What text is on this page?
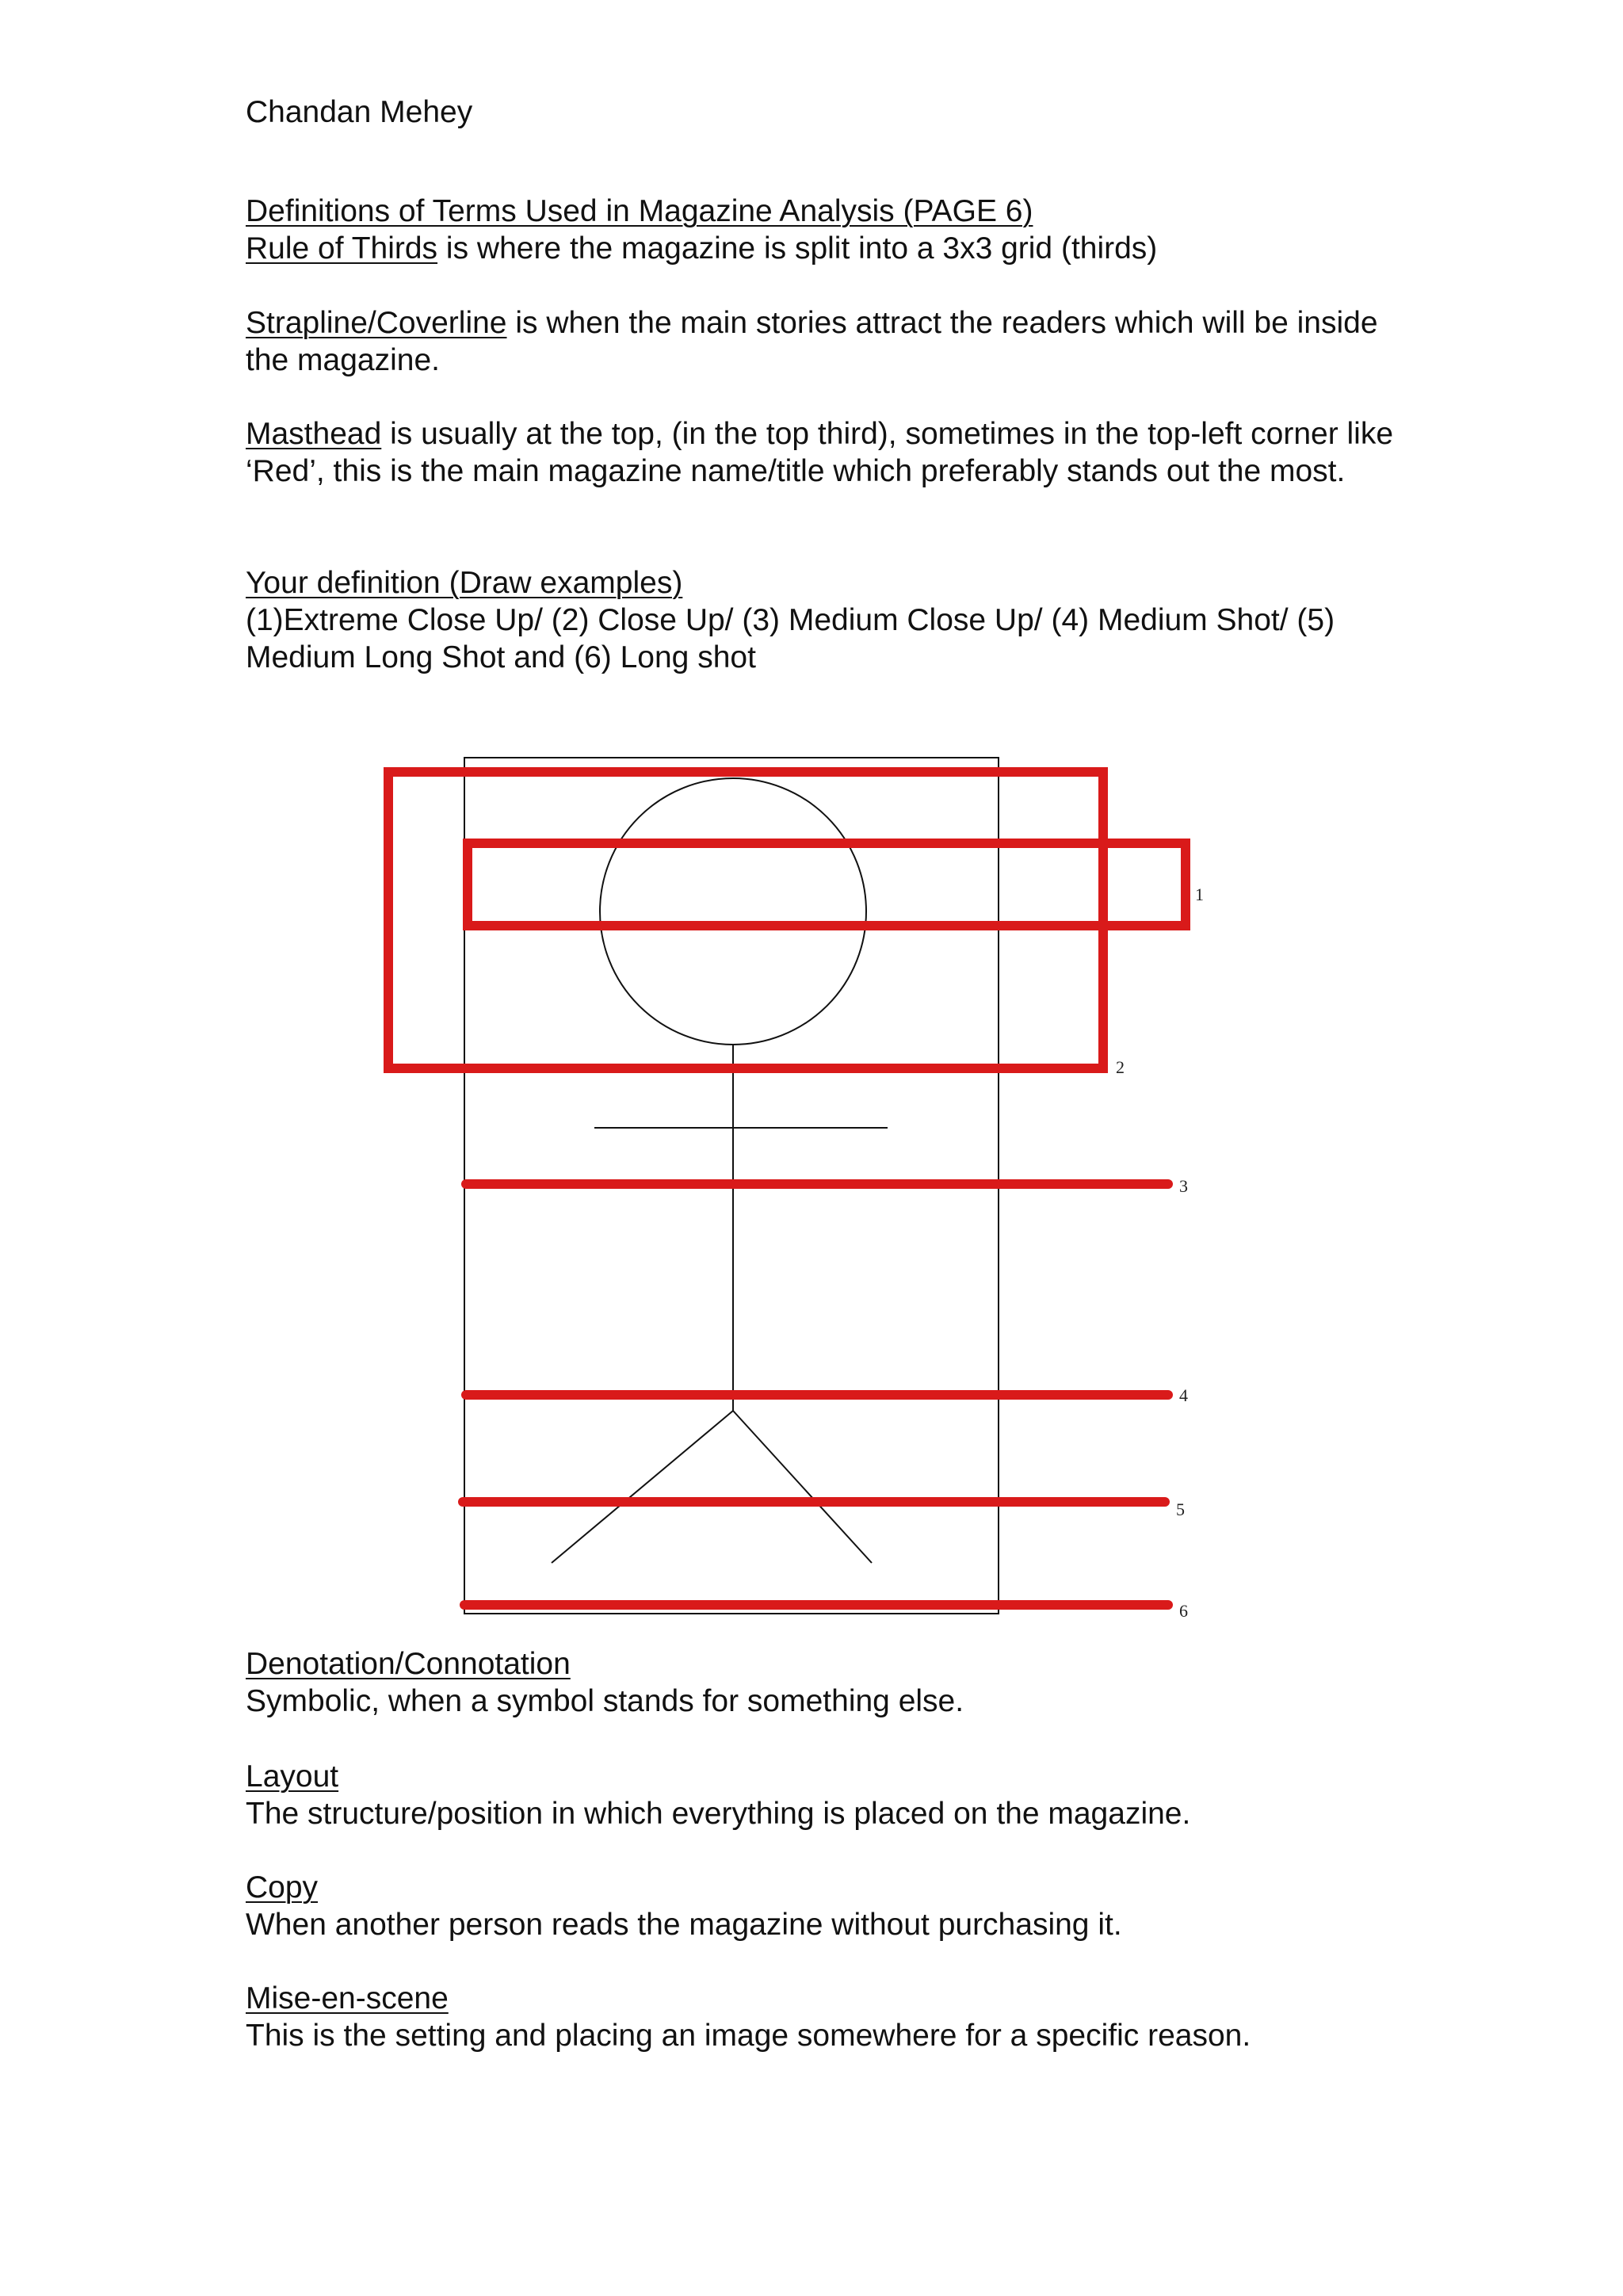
Chandan Mehey

Definitions of Terms Used in Magazine Analysis (PAGE 6)
Rule of Thirds is where the magazine is split into a 3x3 grid (thirds)

Strapline/Coverline is when the main stories attract the readers which will be inside the magazine.

Masthead is usually at the top, (in the top third), sometimes in the top-left corner like ‘Red’, this is the main magazine name/title which preferably stands out the most.

Your definition (Draw examples)
(1)Extreme Close Up/ (2) Close Up/ (3) Medium Close Up/ (4) Medium Shot/ (5) Medium Long Shot and (6) Long shot
1
2
3
4
5
6
Denotation/Connotation
Symbolic, when a symbol stands for something else.
Layout
The structure/position in which everything is placed on the magazine.
Copy
When another person reads the magazine without purchasing it.
Mise-en-scene
This is the setting and placing an image somewhere for a specific reason.
